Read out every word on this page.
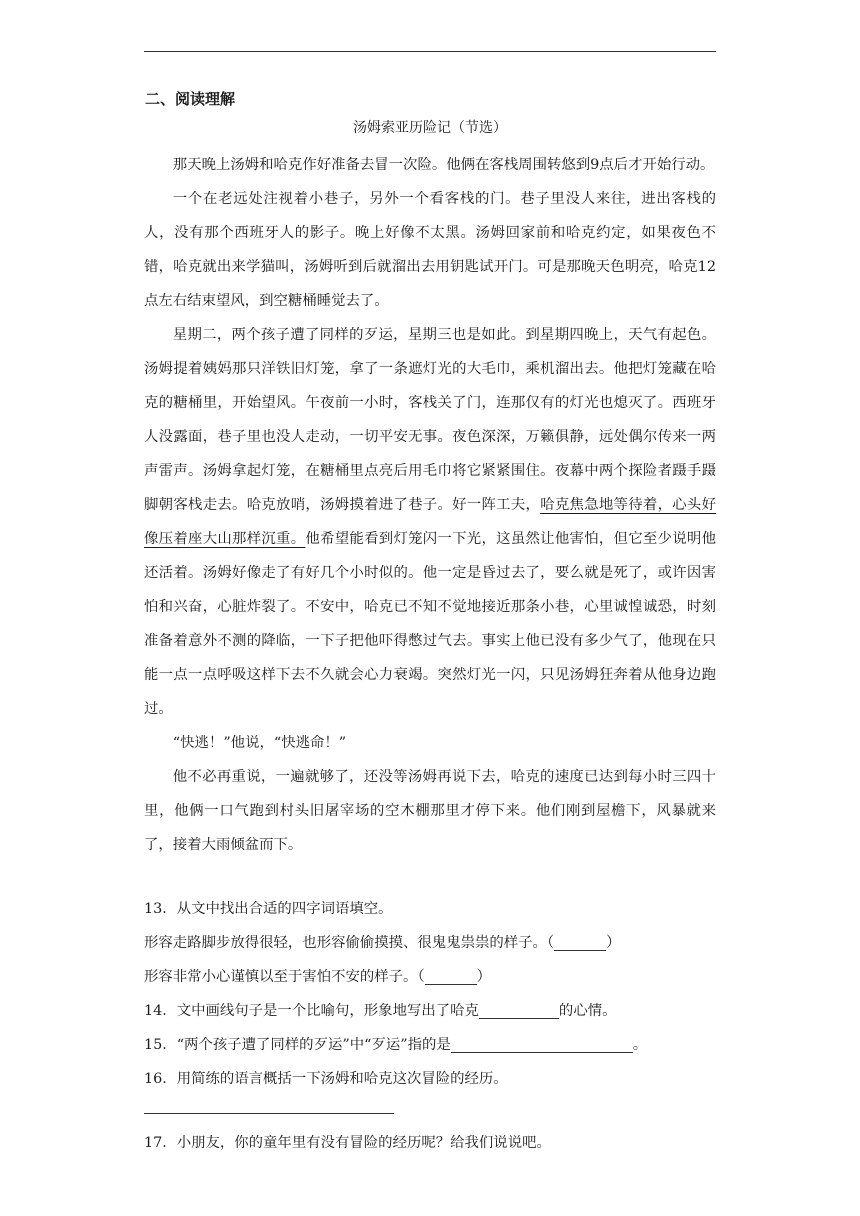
二、阅读理解
汤姆索亚历险记（节选）

那天晚上汤姆和哈克作好准备去冒一次险。他俩在客栈周围转悠到9点后才开始行动。

一个在老远处注视着小巷子，另外一个看客栈的门。巷子里没人来往，进出客栈的人，没有那个西班牙人的影子。晚上好像不太黑。汤姆回家前和哈克约定，如果夜色不错，哈克就出来学猫叫，汤姆听到后就溜出去用钥匙试开门。可是那晚天色明亮，哈克12点左右结束望风，到空糖桶睡觉去了。

星期二，两个孩子遭了同样的歹运，星期三也是如此。到星期四晚上，天气有起色。汤姆提着姨妈那只洋铁旧灯笼，拿了一条遮灯光的大毛巾，乘机溜出去。他把灯笼藏在哈克的糖桶里，开始望风。午夜前一小时，客栈关了门，连那仅有的灯光也熄灭了。西班牙人没露面，巷子里也没人走动，一切平安无事。夜色深深，万籁俱静，远处偶尔传来一两声雷声。汤姆拿起灯笼，在糖桶里点亮后用毛巾将它紧紧围住。夜幕中两个探险者蹑手蹑脚朝客栈走去。哈克放哨，汤姆摸着进了巷子。好一阵工夫，哈克焦急地等待着，心头好像压着座大山那样沉重。他希望能看到灯笼闪一下光，这虽然让他害怕，但它至少说明他还活着。汤姆好像走了有好几个小时似的。他一定是昏过去了，要么就是死了，或许因害怕和兴奋，心脏炸裂了。不安中，哈克已不知不觉地接近那条小巷，心里诚惶诚恐，时刻准备着意外不测的降临，一下子把他吓得憋过气去。事实上他已没有多少气了，他现在只能一点一点呼吸这样下去不久就会心力衰竭。突然灯光一闪，只见汤姆狂奔着从他身边跑过。

“快逃！”他说，“快逃命！”

他不必再重说，一遍就够了，还没等汤姆再说下去，哈克的速度已达到每小时三四十里，他俩一口气跑到村头旧屠宰场的空木棚那里才停下来。他们刚到屋檐下，风暴就来了，接着大雨倾盆而下。

13．从文中找出合适的四字词语填空。
形容走路脚步放得很轻，也形容偷偷摸摸、很鬼鬼祟祟的样子。（	）
形容非常小心谨慎以至于害怕不安的样子。（	）
14．文中画线句子是一个比喻句，形象地写出了哈克	的心情。
15．“两个孩子遭了同样的歹运”中“歹运”指的是	。
16．用简练的语言概括一下汤姆和哈克这次冒险的经历。
17．小朋友，你的童年里有没有冒险的经历呢？给我们说说吧。
